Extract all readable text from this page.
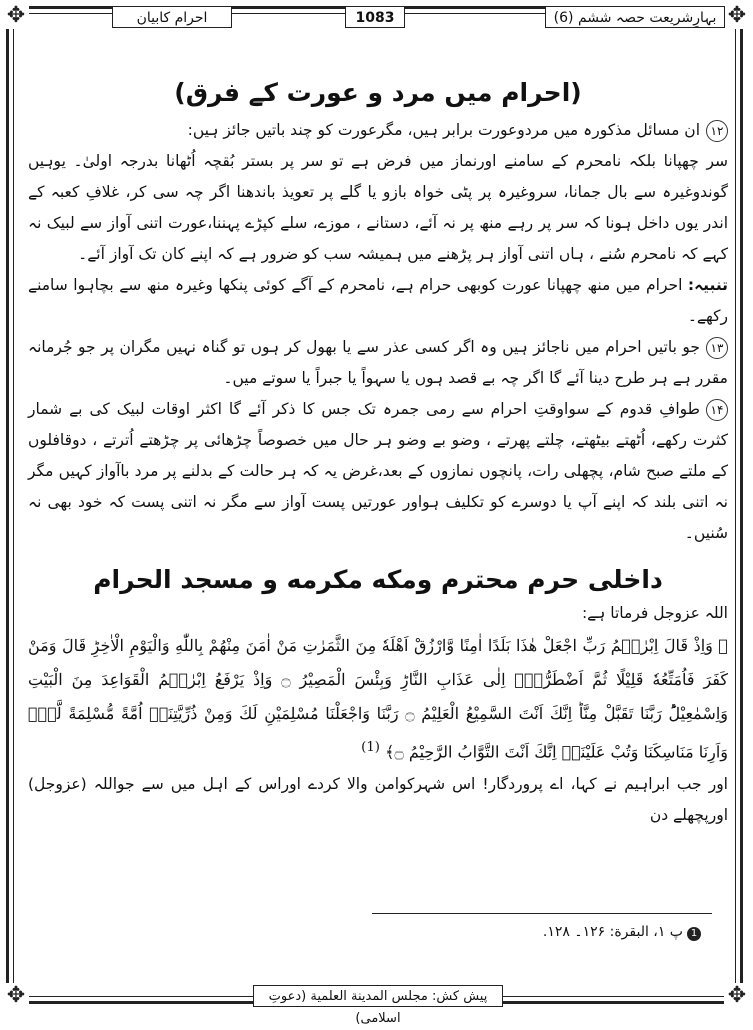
✥	✥
✥	✥
بہارِشریعت حصہ ششم (6)
1083
احرام کابیان
(احرام میں مرد و عورت کے فرق)

۱۲ان مسائل مذکورہ میں مردوعورت برابر ہیں، مگرعورت کو چند باتیں جائز ہیں:

سر چھپانا بلکہ نامحرم کے سامنے اورنماز میں فرض ہے تو سر پر بستر بُقچہ اُٹھانا بدرجہ اولیٰ۔ یوہیں گوندوغیرہ سے بال جمانا، سروغیرہ پر پٹی خواہ بازو یا گلے پر تعویذ باندھنا اگر چہ سی کر، غلافِ کعبہ کے اندر یوں داخل ہونا کہ سر پر رہے منھ پر نہ آئے، دستانے ، موزے، سلے کپڑے پہننا،عورت اتنی آواز سے لبیک نہ کہے کہ نامحرم سُنے ، ہاں اتنی آواز ہر پڑھنے میں ہمیشہ سب کو ضرور ہے کہ اپنے کان تک آواز آئے۔

تنبیہ: احرام میں منھ چھپانا عورت کوبھی حرام ہے، نامحرم کے آگے کوئی پنکھا وغیرہ منھ سے بچاہوا سامنے رکھے۔

۱۳جو باتیں احرام میں ناجائز ہیں وہ اگر کسی عذر سے یا بھول کر ہوں تو گناہ نہیں مگران پر جو جُرمانہ مقرر ہے ہر طرح دینا آئے گا اگر چہ بے قصد ہوں یا سہواً یا جبراً یا سوتے میں۔

۱۴طوافِ قدوم کے سواوقتِ احرام سے رمی جمرہ تک جس کا ذکر آئے گا اکثر اوقات لبیک کی بے شمار کثرت رکھے، اُٹھتے بیٹھتے، چلتے پھرتے ، وضو بے وضو ہر حال میں خصوصاً چڑھائی پر چڑھتے اُترتے ، دوقافلوں کے ملتے صبح شام، پچھلی رات، پانچوں نمازوں کے بعد،غرض یہ کہ ہر حالت کے بدلنے پر مرد باآواز کہیں مگر نہ اتنی بلند کہ اپنے آپ یا دوسرے کو تکلیف ہواور عورتیں پست آواز سے مگر نہ اتنی پست کہ خود بھی نہ سُنیں۔

داخلی حرم محترم ومکه مکرمه و مسجد الحرام

اللہ عزوجل فرماتا ہے:

﴿ وَاِذْ قَالَ اِبْرٰهٖمُ رَبِّ اجْعَلْ هٰذَا بَلَدًا اٰمِنًا وَّارْزُقْ اَهْلَهٗ مِنَ الثَّمَرٰتِ مَنْ اٰمَنَ مِنْهُمْ بِاللّٰهِ وَالْیَوْمِ الْاٰخِرِؕ قَالَ وَمَنْ كَفَرَ فَاُمَتِّعُهٗ قَلِیْلًا ثُمَّ اَضْطَرُّهٗۤ اِلٰى عَذَابِ النَّارِؕ وَبِئْسَ الْمَصِیْرُ ۝ وَاِذْ یَرْفَعُ اِبْرٰهٖمُ الْقَوَاعِدَ مِنَ الْبَیْتِ وَاِسْمٰعِیْلُؕ رَبَّنَا تَقَبَّلْ مِنَّاؕ اِنَّكَ اَنْتَ السَّمِیْعُ الْعَلِیْمُ ۝ رَبَّنَا وَاجْعَلْنَا مُسْلِمَیْنِ لَكَ وَمِنْ ذُرِّیَّتِنَاۤ اُمَّةً مُّسْلِمَةً لَّكَ۪ وَاَرِنَا مَنَاسِكَنَا وَتُبْ عَلَیْنَاۚ اِنَّكَ اَنْتَ التَّوَّابُ الرَّحِیْمُ ۝﴾ $^{(1)}$

اور جب ابراہیم نے کہا، اے پروردگار! اس شہرکوامن والا کردے اوراس کے اہل میں سے جواللہ (عزوجل) اورپچھلے دن

1پ ۱، البقرة: ۱۲۶۔ ۱۲۸.
پیش کش: مجلس المدینة العلمیة (دعوتِ اسلامی)
